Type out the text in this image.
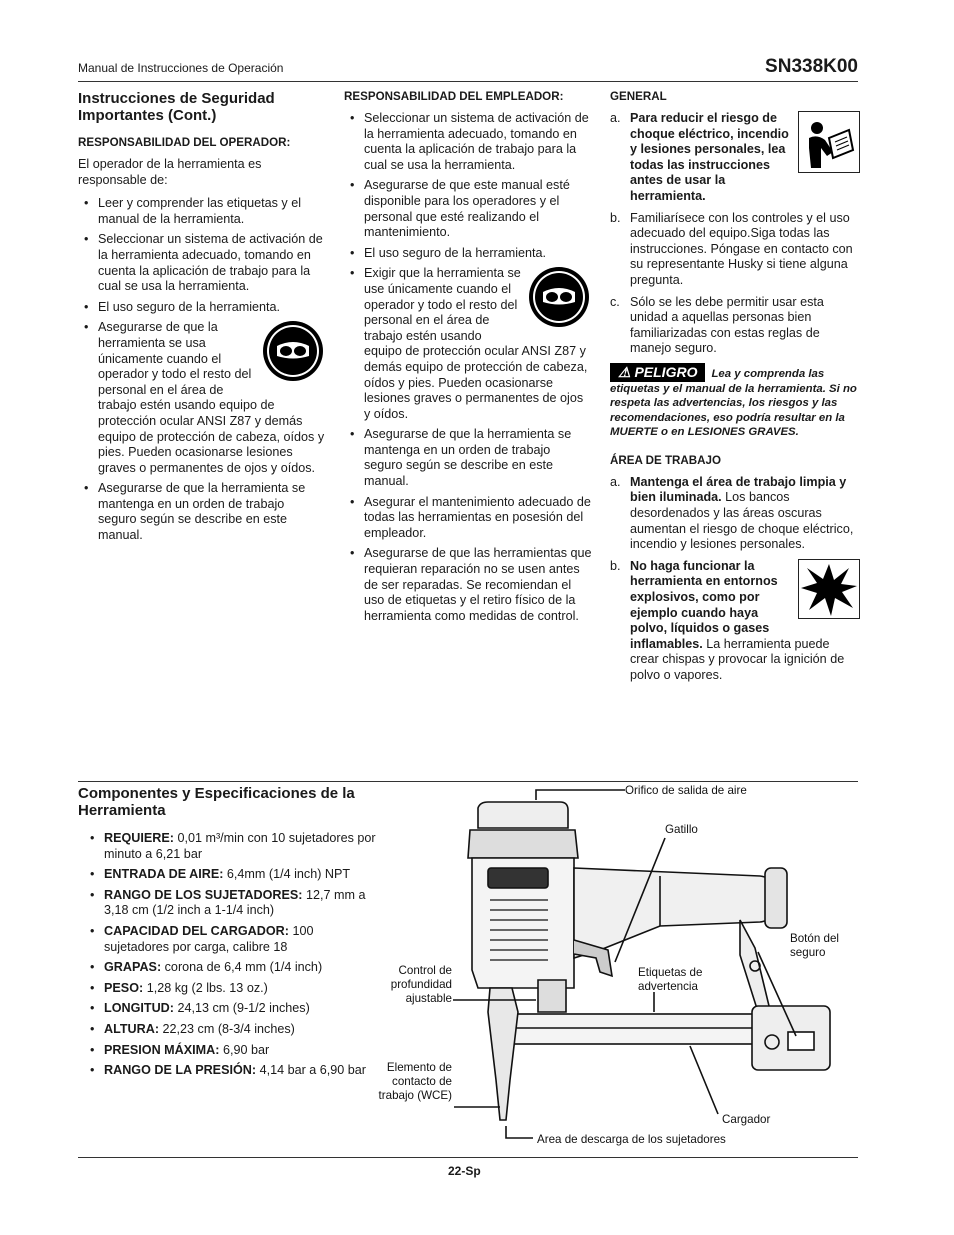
Manual de Instrucciones de Operación	SN338K00
Instrucciones de Seguridad Importantes (Cont.)
RESPONSABILIDAD DEL OPERADOR:

El operador de la herramienta es responsable de:

• Leer y comprender las etiquetas y el manual de la herramienta.
• Seleccionar un sistema de activación de la herramienta adecuado, tomando en cuenta la aplicación de trabajo para la cual se usa la herramienta.
• El uso seguro de la herramienta.
• Asegurarse de que la herramienta se usa únicamente cuando el operador y todo el resto del personal en el área de trabajo estén usando equipo de protección ocular ANSI Z87 y demás equipo de protección de cabeza, oídos y pies. Pueden ocasionarse lesiones graves o permanentes de ojos y oídos.
• Asegurarse de que la herramienta se mantenga en un orden de trabajo seguro según se describe en este manual.
RESPONSABILIDAD DEL EMPLEADOR:
• Seleccionar un sistema de activación de la herramienta adecuado, tomando en cuenta la aplicación de trabajo para la cual se usa la herramienta.
• Asegurarse de que este manual esté disponible para los operadores y el personal que esté realizando el mantenimiento.
• El uso seguro de la herramienta.
• Exigir que la herramienta se use únicamente cuando el operador y todo el resto del personal en el área de trabajo estén usando equipo de protección ocular ANSI Z87 y demás equipo de protección de cabeza, oídos y pies. Pueden ocasionarse lesiones graves o permanentes de ojos y oídos.
• Asegurarse de que la herramienta se mantenga en un orden de trabajo seguro según se describe en este manual.
• Asegurar el mantenimiento adecuado de todas las herramientas en posesión del empleador.
• Asegurarse de que las herramientas que requieran reparación no se usen antes de ser reparadas. Se recomiendan el uso de etiquetas y el retiro físico de la herramienta como medidas de control.
GENERAL
a. Para reducir el riesgo de choque eléctrico, incendio y lesiones personales, lea todas las instrucciones antes de usar la herramienta.
b. Familiarísece con los controles y el uso adecuado del equipo.Siga todas las instrucciones. Póngase en contacto con su representante Husky si tiene alguna pregunta.
c. Sólo se les debe permitir usar esta unidad a aquellas personas bien familiarizadas con estas reglas de manejo seguro.
⚠ PELIGRO Lea y comprenda las etiquetas y el manual de la herramienta. Si no respeta las advertencias, los riesgos y las recomendaciones, eso podría resultar en la MUERTE o en LESIONES GRAVES.
ÁREA DE TRABAJO
a. Mantenga el área de trabajo limpia y bien iluminada. Los bancos desordenados y las áreas oscuras aumentan el riesgo de choque eléctrico, incendio y lesiones personales.
b. No haga funcionar la herramienta en entornos explosivos, como por ejemplo cuando haya polvo, líquidos o gases inflamables. La herramienta puede crear chispas y provocar la ignición de polvo o vapores.
Componentes y Especificaciones de la Herramienta
• REQUIERE: 0,01 m³/min con 10 sujetadores por minuto a 6,21 bar
• ENTRADA DE AIRE: 6,4mm (1/4 inch) NPT
• RANGO DE LOS SUJETADORES: 12,7 mm a 3,18 cm (1/2 inch a 1-1/4 inch)
• CAPACIDAD DEL CARGADOR: 100 sujetadores por carga, calibre 18
• GRAPAS: corona de 6,4 mm (1/4 inch)
• PESO: 1,28 kg (2 lbs. 13 oz.)
• LONGITUD: 24,13 cm (9-1/2 inches)
• ALTURA: 22,23 cm (8-3/4 inches)
• PRESION MÁXIMA: 6,90 bar
• RANGO DE LA PRESIÓN: 4,14 bar a 6,90 bar
Orifico de salida de aire
Gatillo
Botón del seguro
Control de profundidad ajustable
Etiquetas de advertencia
Elemento de contacto de trabajo (WCE)
Cargador
Area de descarga de los sujetadores
22-Sp
